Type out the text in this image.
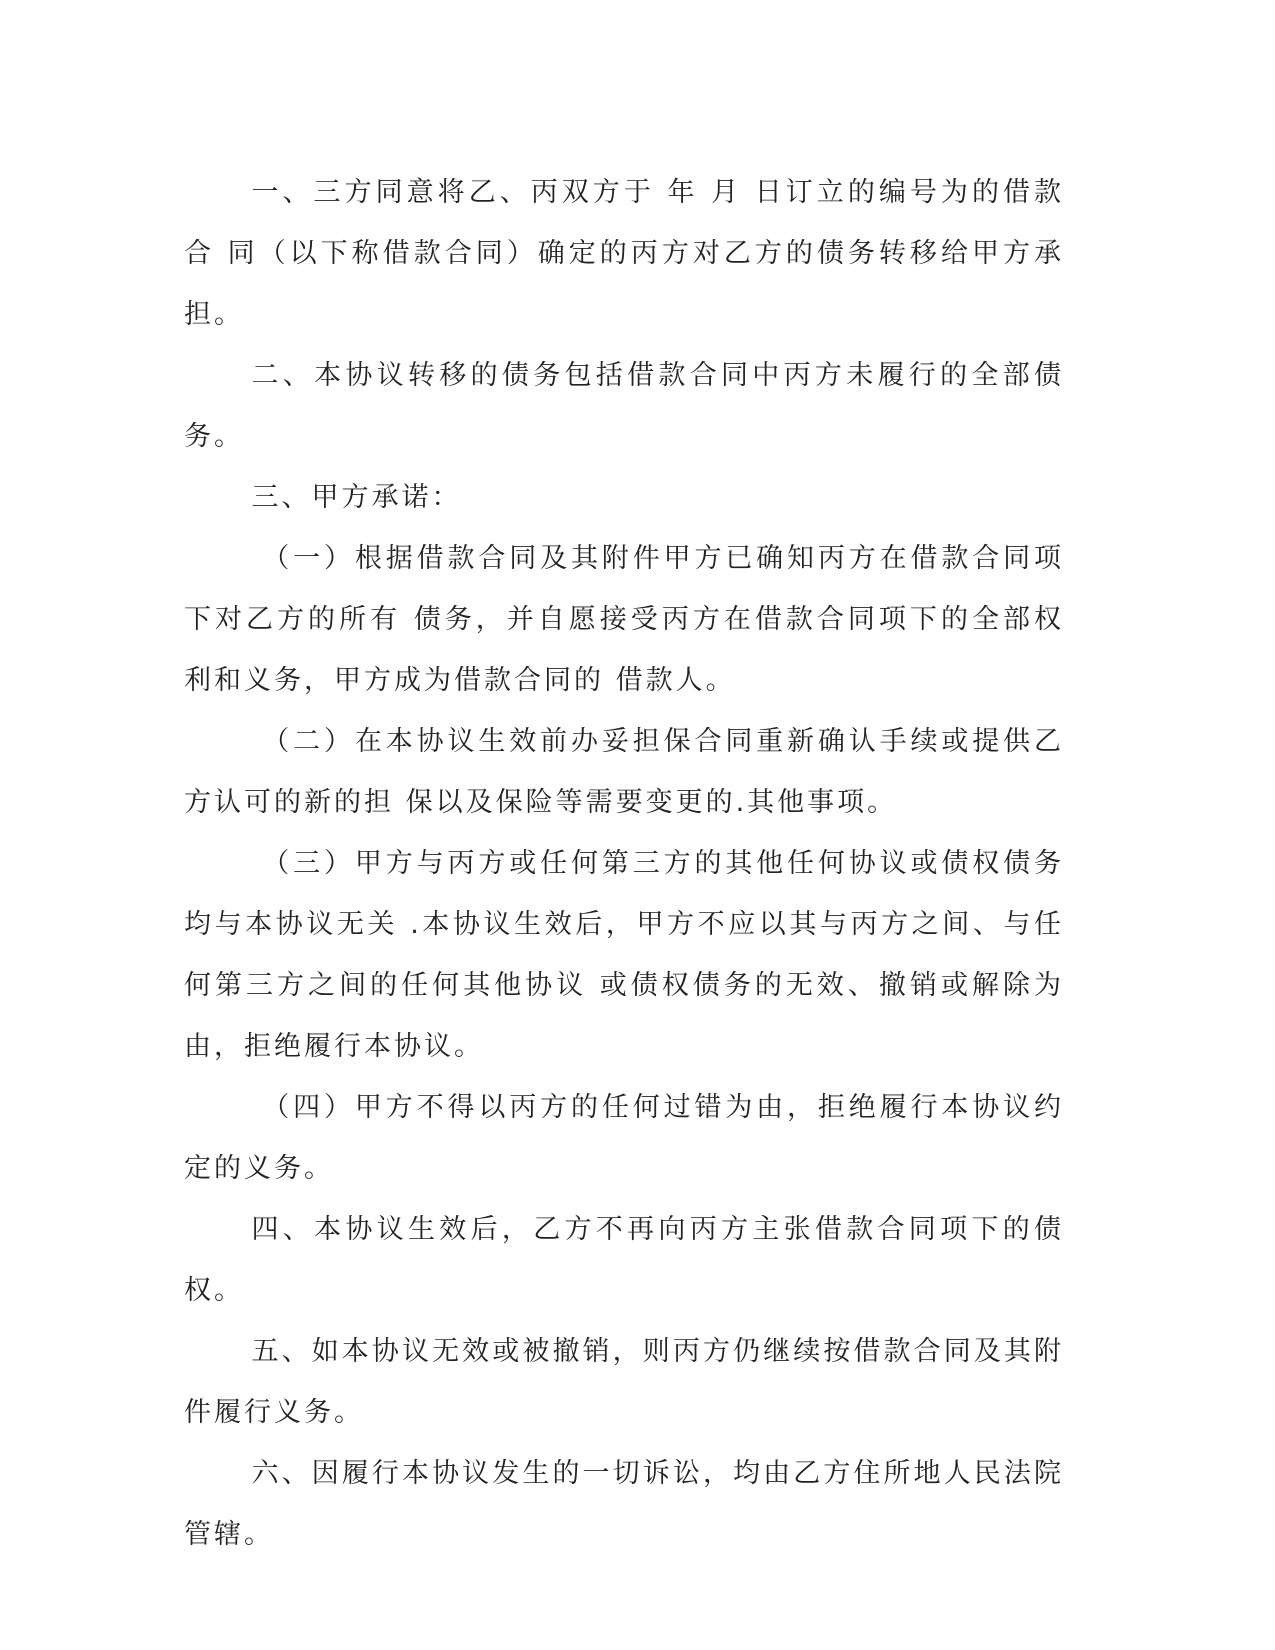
一、三方同意将乙、丙双方于 年 月 日订立的编号为的借款合 同（以下称借款合同）确定的丙方对乙方的债务转移给甲方承担。

二、本协议转移的债务包括借款合同中丙方未履行的全部债务。

三、甲方承诺：

（一）根据借款合同及其附件甲方已确知丙方在借款合同项下对乙方的所有 债务，并自愿接受丙方在借款合同项下的全部权利和义务，甲方成为借款合同的 借款人。

（二）在本协议生效前办妥担保合同重新确认手续或提供乙方认可的新的担 保以及保险等需要变更的.其他事项。

（三）甲方与丙方或任何第三方的其他任何协议或债权债务均与本协议无关 .本协议生效后，甲方不应以其与丙方之间、与任何第三方之间的任何其他协议 或债权债务的无效、撤销或解除为由，拒绝履行本协议。

（四）甲方不得以丙方的任何过错为由，拒绝履行本协议约定的义务。

四、本协议生效后，乙方不再向丙方主张借款合同项下的债权。

五、如本协议无效或被撤销，则丙方仍继续按借款合同及其附件履行义务。

六、因履行本协议发生的一切诉讼，均由乙方住所地人民法院管辖。
